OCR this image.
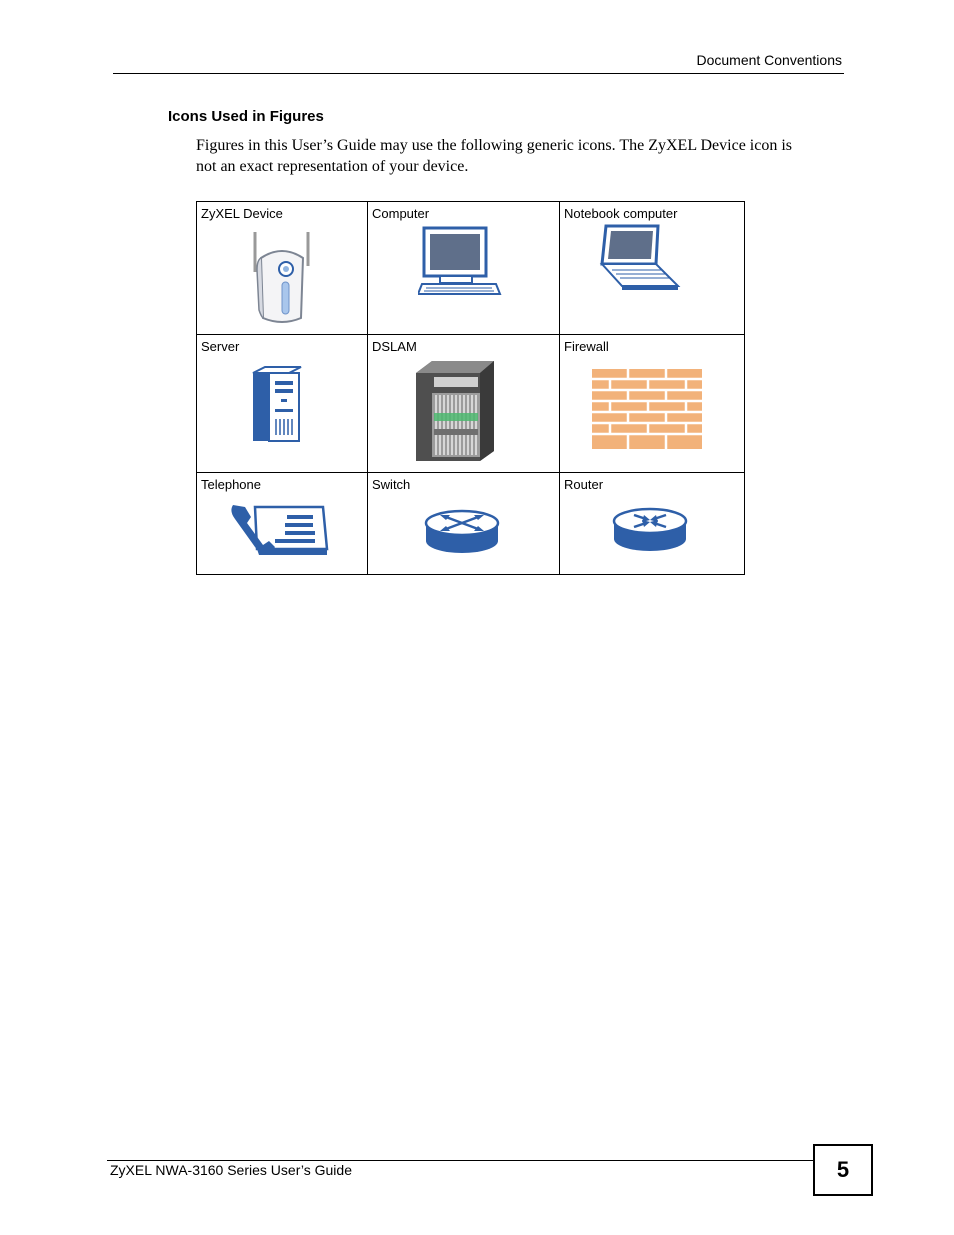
Document Conventions
Icons Used in Figures
Figures in this User’s Guide may use the following generic icons. The ZyXEL Device icon is
not an exact representation of your device.
ZyXEL Device	Computer	Notebook computer

Server	DSLAM	Firewall

Telephone	Switch	Router
ZyXEL NWA-3160 Series User’s Guide	5
